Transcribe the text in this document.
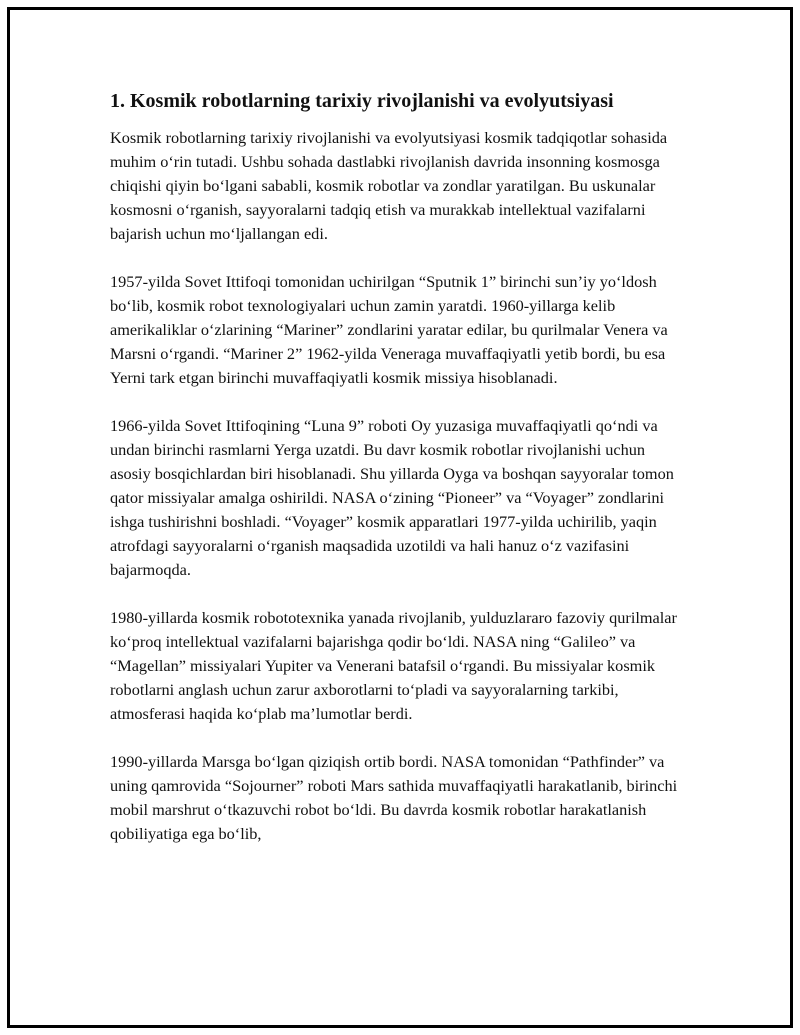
1. Kosmik robotlarning tarixiy rivojlanishi va evolyutsiyasi

Kosmik robotlarning tarixiy rivojlanishi va evolyutsiyasi kosmik tadqiqotlar sohasida muhim o‘rin tutadi. Ushbu sohada dastlabki rivojlanish davrida insonning kosmosga chiqishi qiyin bo‘lgani sababli, kosmik robotlar va zondlar yaratilgan. Bu uskunalar kosmosni o‘rganish, sayyoralarni tadqiq etish va murakkab intellektual vazifalarni bajarish uchun mo‘ljallangan edi.

1957-yilda Sovet Ittifoqi tomonidan uchirilgan “Sputnik 1” birinchi sun’iy yo‘ldosh bo‘lib, kosmik robot texnologiyalari uchun zamin yaratdi. 1960-yillarga kelib amerikaliklar o‘zlarining “Mariner” zondlarini yaratar edilar, bu qurilmalar Venera va Marsni o‘rgandi. “Mariner 2” 1962-yilda Veneraga muvaffaqiyatli yetib bordi, bu esa Yerni tark etgan birinchi muvaffaqiyatli kosmik missiya hisoblanadi.

1966-yilda Sovet Ittifoqining “Luna 9” roboti Oy yuzasiga muvaffaqiyatli qo‘ndi va undan birinchi rasmlarni Yerga uzatdi. Bu davr kosmik robotlar rivojlanishi uchun asosiy bosqichlardan biri hisoblanadi. Shu yillarda Oyga va boshqan sayyoralar tomon qator missiyalar amalga oshirildi. NASA o‘zining “Pioneer” va “Voyager” zondlarini ishga tushirishni boshladi. “Voyager” kosmik apparatlari 1977-yilda uchirilib, yaqin atrofdagi sayyoralarni o‘rganish maqsadida uzotildi va hali hanuz o‘z vazifasini bajarmoqda.

1980-yillarda kosmik robototexnika yanada rivojlanib, yulduzlararo fazoviy qurilmalar ko‘proq intellektual vazifalarni bajarishga qodir bo‘ldi. NASA ning “Galileo” va “Magellan” missiyalari Yupiter va Venerani batafsil o‘rgandi. Bu missiyalar kosmik robotlarni anglash uchun zarur axborotlarni to‘pladi va sayyoralarning tarkibi, atmosferasi haqida ko‘plab ma’lumotlar berdi.

1990-yillarda Marsga bo‘lgan qiziqish ortib bordi. NASA tomonidan “Pathfinder” va uning qamrovida “Sojourner” roboti Mars sathida muvaffaqiyatli harakatlanib, birinchi mobil marshrut o‘tkazuvchi robot bo‘ldi. Bu davrda kosmik robotlar harakatlanish qobiliyatiga ega bo‘lib,
